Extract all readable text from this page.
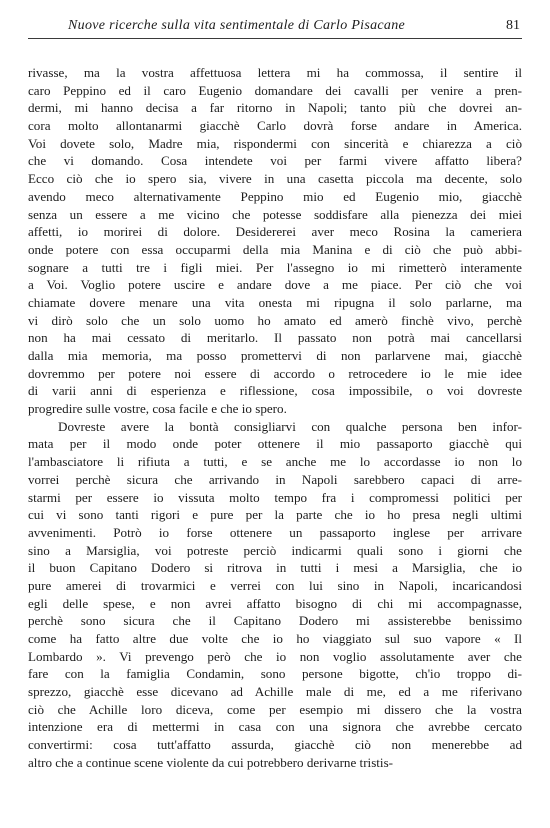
Nuove ricerche sulla vita sentimentale di Carlo Pisacane	81
rivasse, ma la vostra affettuosa lettera mi ha commossa, il sentire il
caro Peppino ed il caro Eugenio domandare dei cavalli per venire a pren-
dermi, mi hanno decisa a far ritorno in Napoli; tanto più che dovrei an-
cora molto allontanarmi giacchè Carlo dovrà forse andare in America.
Voi dovete solo, Madre mia, rispondermi con sincerità e chiarezza a ciò
che vi domando. Cosa intendete voi per farmi vivere affatto libera?
Ecco ciò che io spero sia, vivere in una casetta piccola ma decente, solo
avendo meco alternativamente Peppino mio ed Eugenio mio, giacchè
senza un essere a me vicino che potesse soddisfare alla pienezza dei miei
affetti, io morirei di dolore. Desidererei aver meco Rosina la cameriera
onde potere con essa occuparmi della mia Manina e di ciò che può abbi-
sognare a tutti tre i figli miei. Per l'assegno io mi rimetterò interamente
a Voi. Voglio potere uscire e andare dove a me piace. Per ciò che voi
chiamate dovere menare una vita onesta mi ripugna il solo parlarne, ma
vi dirò solo che un solo uomo ho amato ed amerò finchè vivo, perchè
non ha mai cessato di meritarlo. Il passato non potrà mai cancellarsi
dalla mia memoria, ma posso promettervi di non parlarvene mai, giacchè
dovremmo per potere noi essere di accordo o retrocedere io le mie idee
di varii anni di esperienza e riflessione, cosa impossibile, o voi dovreste
progredire sulle vostre, cosa facile e che io spero.
Dovreste avere la bontà consigliarvi con qualche persona ben infor-
mata per il modo onde poter ottenere il mio passaporto giacchè qui
l'ambasciatore li rifiuta a tutti, e se anche me lo accordasse io non lo
vorrei perchè sicura che arrivando in Napoli sarebbero capaci di arre-
starmi per essere io vissuta molto tempo fra i compromessi politici per
cui vi sono tanti rigori e pure per la parte che io ho presa negli ultimi
avvenimenti. Potrò io forse ottenere un passaporto inglese per arrivare
sino a Marsiglia, voi potreste perciò indicarmi quali sono i giorni che
il buon Capitano Dodero si ritrova in tutti i mesi a Marsiglia, che io
pure amerei di trovarmici e verrei con lui sino in Napoli, incaricandosi
egli delle spese, e non avrei affatto bisogno di chi mi accompagnasse,
perchè sono sicura che il Capitano Dodero mi assisterebbe benissimo
come ha fatto altre due volte che io ho viaggiato sul suo vapore « Il
Lombardo ». Vi prevengo però che io non voglio assolutamente aver che
fare con la famiglia Condamin, sono persone bigotte, ch'io troppo di-
sprezzo, giacchè esse dicevano ad Achille male di me, ed a me riferivano
ciò che Achille loro diceva, come per esempio mi dissero che la vostra
intenzione era di mettermi in casa con una signora che avrebbe cercato
convertirmi: cosa tutt'affatto assurda, giacchè ciò non menerebbe ad
altro che a continue scene violente da cui potrebbero derivarne tristis-
